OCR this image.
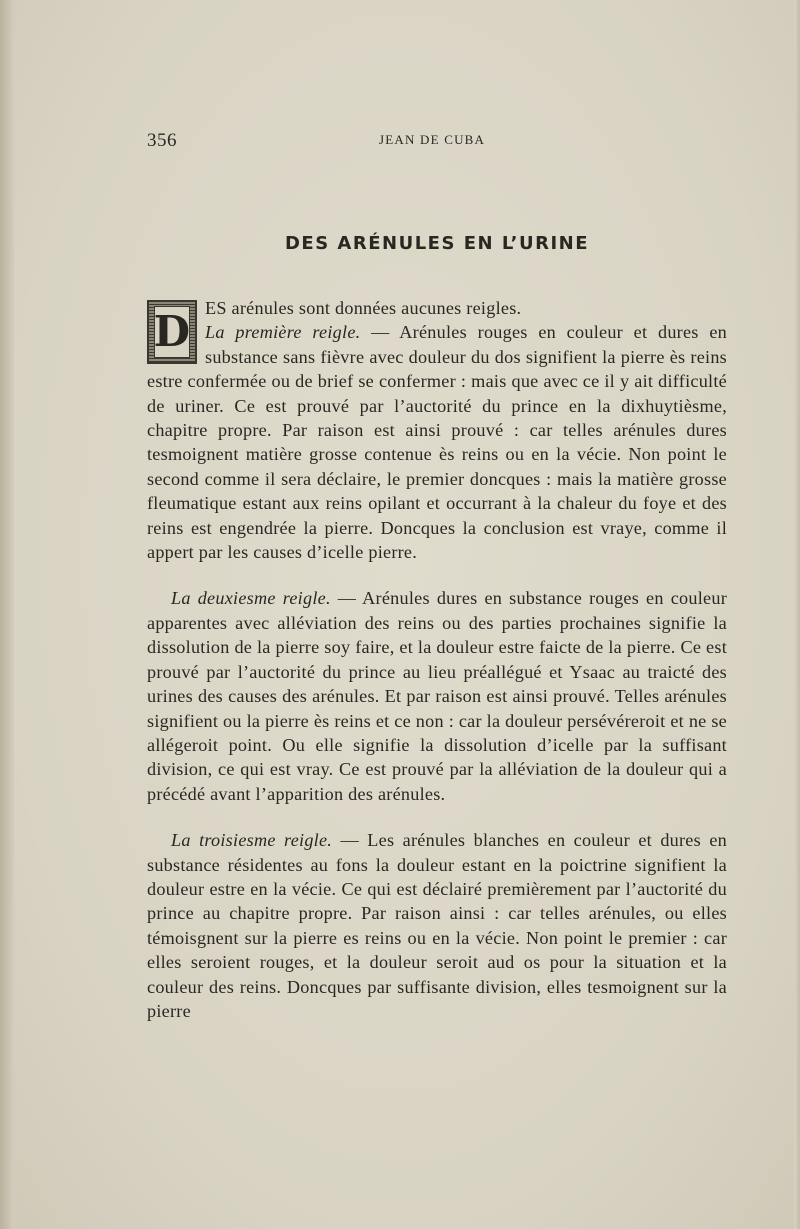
356	JEAN DE CUBA
DES ARÉNULES EN L’URINE

D ES arénules sont données aucunes reigles.
La première reigle. — Arénules rouges en couleur et dures en substance sans fièvre avec douleur du dos signifient la pierre ès reins estre confermée ou de brief se confermer : mais que avec ce il y ait difficulté de uriner. Ce est prouvé par l’auctorité du prince en la dixhuytièsme, chapitre propre. Par raison est ainsi prouvé : car telles arénules dures tesmoignent matière grosse contenue ès reins ou en la vécie. Non point le second comme il sera déclaire, le premier doncques : mais la matière grosse fleumatique estant aux reins opilant et occurrant à la chaleur du foye et des reins est engendrée la pierre. Doncques la conclusion est vraye, comme il appert par les causes d’icelle pierre.

La deuxiesme reigle. — Arénules dures en substance rouges en couleur apparentes avec alléviation des reins ou des parties prochaines signifie la dissolution de la pierre soy faire, et la douleur estre faicte de la pierre. Ce est prouvé par l’auctorité du prince au lieu préallégué et Ysaac au traicté des urines des causes des arénules. Et par raison est ainsi prouvé. Telles arénules signifient ou la pierre ès reins et ce non : car la douleur persévéreroit et ne se allégeroit point. Ou elle signifie la dissolution d’icelle par la suffisant division, ce qui est vray. Ce est prouvé par la alléviation de la douleur qui a précédé avant l’apparition des arénules.

La troisiesme reigle. — Les arénules blanches en couleur et dures en substance résidentes au fons la douleur estant en la poictrine signifient la douleur estre en la vécie. Ce qui est déclairé premièrement par l’auctorité du prince au chapitre propre. Par raison ainsi : car telles arénules, ou elles témoisgnent sur la pierre es reins ou en la vécie. Non point le premier : car elles seroient rouges, et la douleur seroit aud os pour la situation et la couleur des reins. Doncques par suffisante division, elles tesmoignent sur la pierre
